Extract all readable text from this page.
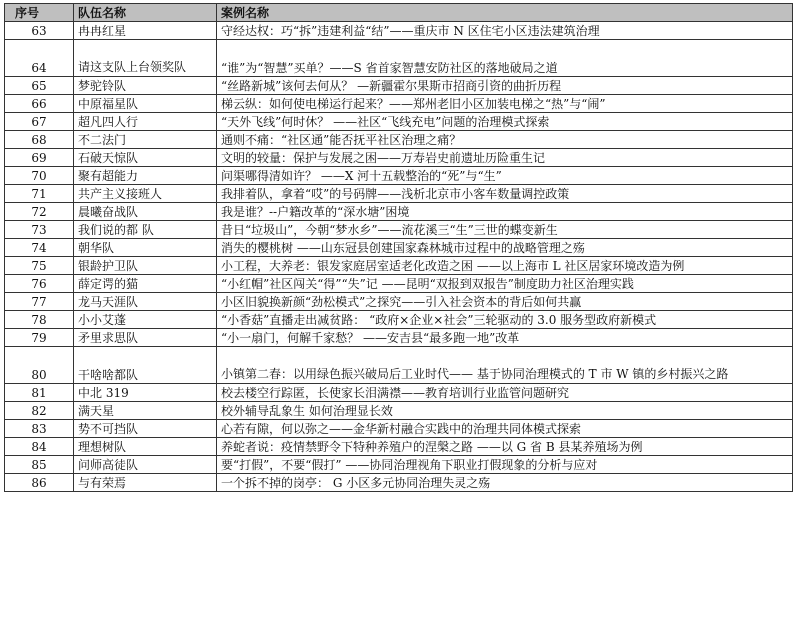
序号	队伍名称	案例名称
63	冉冉红星	守经达权：巧“拆”违建利益“结”——重庆市 N 区住宅小区违法建筑治理
64	请这支队上台领奖队	“谁”为“智慧”买单？——S 省首家智慧安防社区的落地破局之道
65	梦驼铃队	“丝路新城”该何去何从？ —新疆霍尔果斯市招商引资的曲折历程
66	中原福星队	梯云纵：如何使电梯运行起来？——郑州老旧小区加装电梯之“热”与“闹”
67	超凡四人行	“天外飞线”何时休？ ——社区“飞线充电”问题的治理模式探索
68	不二法门	通则不痛：“社区通”能否抚平社区治理之痛？
69	石破天惊队	文明的较量：保护与发展之困——万寿岩史前遗址历险重生记
70	聚有超能力	问渠哪得清如许？ ——X 河十五载整治的“死”与“生”
71	共产主义接班人	我排着队，拿着“哎”的号码牌——浅析北京市小客车数量调控政策
72	晨曦奋战队	我是谁？--户籍改革的“深水塘”困境
73	我们说的都 队	昔日“垃圾山”，今朝“梦水乡”——流花溪三“生”三世的蝶变新生
74	朝华队	消失的樱桃树 ——山东冠县创建国家森林城市过程中的战略管理之殇
75	银龄护卫队	小工程，大养老：银发家庭居室适老化改造之困 ——以上海市 L 社区居家环境改造为例
76	薛定谔的猫	“小红帽”社区闯关“得”“失”记 ——昆明“双报到双报告”制度助力社区治理实践
77	龙马天涯队	小区旧貌换新颜“劲松模式”之探究——引入社会资本的背后如何共赢
78	小小艾蓬	“小香菇”直播走出减贫路： “政府×企业×社会”三轮驱动的 3.0 服务型政府新模式
79	矛里求思队	“小一扇门，何解千家愁？ ——安吉县“最多跑一地”改革
80	干啥啥都队	小镇第二春：以用绿色振兴破局后工业时代—— 基于协同治理模式的 T 市 W 镇的乡村振兴之路
81	中北 319	校去楼空行踪匿，长使家长泪满襟——教育培训行业监管问题研究
82	满天星	校外辅导乱象生 如何治理显长效
83	势不可挡队	心若有隙，何以弥之——金华新村融合实践中的治理共同体模式探索
84	理想树队	养蛇者说：疫情禁野令下特种养殖户的涅槃之路 ——以 G 省 B 县某养殖场为例
85	问师高徒队	要“打假”，不要“假打” ——协同治理视角下职业打假现象的分析与应对
86	与有荣焉	一个拆不掉的岗亭： G 小区多元协同治理失灵之殇
